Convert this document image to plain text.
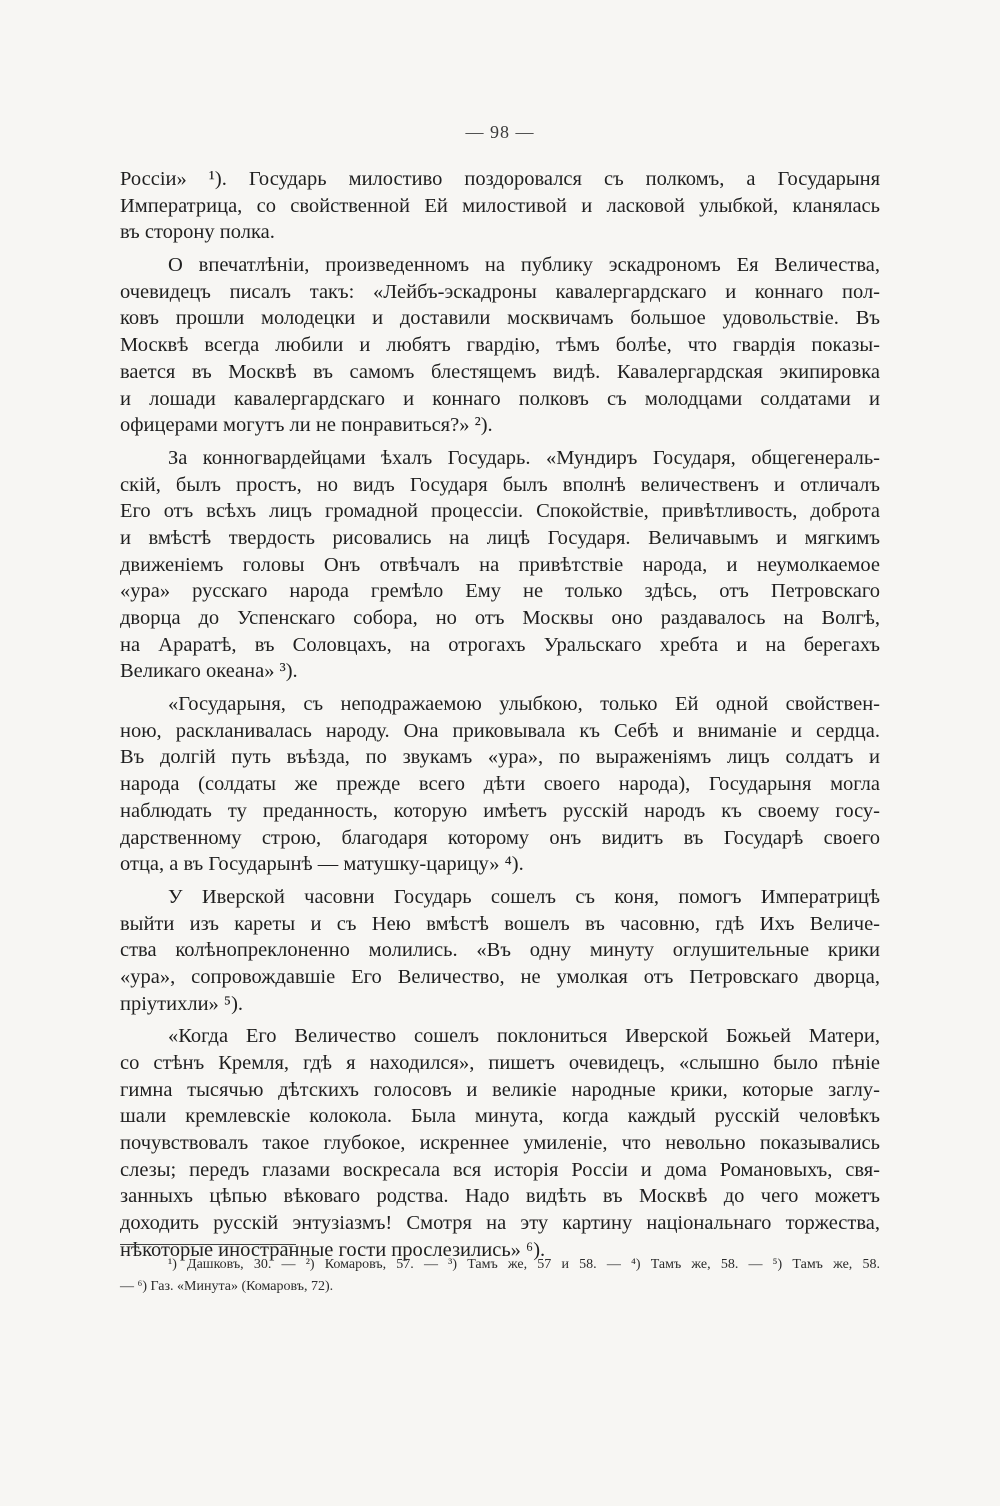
— 98 —
Россіи» ¹). Государь милостиво поздоровался съ полкомъ, а Государыня
Императрица, со свойственной Ей милостивой и ласковой улыбкой, кланялась
въ сторону полка.
О впечатлѣніи, произведенномъ на публику эскадрономъ Ея Величества,
очевидецъ писалъ такъ: «Лейбъ-эскадроны кавалергардскаго и коннаго пол-
ковъ прошли молодецки и доставили москвичамъ большое удовольствіе. Въ
Москвѣ всегда любили и любятъ гвардію, тѣмъ болѣе, что гвардія показы-
вается въ Москвѣ въ самомъ блестящемъ видѣ. Кавалергардская экипировка
и лошади кавалергардскаго и коннаго полковъ съ молодцами солдатами и
офицерами могутъ ли не понравиться?» ²).
За конногвардейцами ѣхалъ Государь. «Мундиръ Государя, общегенераль-
скій, былъ простъ, но видъ Государя былъ вполнѣ величественъ и отличалъ
Его отъ всѣхъ лицъ громадной процессіи. Спокойствіе, привѣтливость, доброта
и вмѣстѣ твердость рисовались на лицѣ Государя. Величавымъ и мягкимъ
движеніемъ головы Онъ отвѣчалъ на привѣтствіе народа, и неумолкаемое
«ура» русскаго народа гремѣло Ему не только здѣсь, отъ Петровскаго
дворца до Успенскаго собора, но отъ Москвы оно раздавалось на Волгѣ,
на Араратѣ, въ Соловцахъ, на отрогахъ Уральскаго хребта и на берегахъ
Великаго океана» ³).
«Государыня, съ неподражаемою улыбкою, только Ей одной свойствен-
ною, раскланивалась народу. Она приковывала къ Себѣ и вниманіе и сердца.
Въ долгій путь въѣзда, по звукамъ «ура», по выраженіямъ лицъ солдатъ и
народа (солдаты же прежде всего дѣти своего народа), Государыня могла
наблюдать ту преданность, которую имѣетъ русскій народъ къ своему госу-
дарственному строю, благодаря которому онъ видитъ въ Государѣ своего
отца, а въ Государынѣ — матушку-царицу» ⁴).
У Иверской часовни Государь сошелъ съ коня, помогъ Императрицѣ
выйти изъ кареты и съ Нею вмѣстѣ вошелъ въ часовню, гдѣ Ихъ Величе-
ства колѣнопреклоненно молились. «Въ одну минуту оглушительные крики
«ура», сопровождавшіе Его Величество, не умолкая отъ Петровскаго дворца,
пріутихли» ⁵).
«Когда Его Величество сошелъ поклониться Иверской Божьей Матери,
со стѣнъ Кремля, гдѣ я находился», пишетъ очевидецъ, «слышно было пѣніе
гимна тысячью дѣтскихъ голосовъ и великіе народные крики, которые заглу-
шали кремлевскіе колокола. Была минута, когда каждый русскій человѣкъ
почувствовалъ такое глубокое, искреннее умиленіе, что невольно показывались
слезы; передъ глазами воскресала вся исторія Россіи и дома Романовыхъ, свя-
занныхъ цѣпью вѣковаго родства. Надо видѣть въ Москвѣ до чего можетъ
доходить русскій энтузіазмъ! Смотря на эту картину національнаго торжества,
нѣкоторые иностранные гости прослезились» ⁶).
¹) Дашковъ, 30. — ²) Комаровъ, 57. — ³) Тамъ же, 57 и 58. — ⁴) Тамъ же, 58. — ⁵) Тамъ же, 58.
— ⁶) Газ. «Минута» (Комаровъ, 72).
